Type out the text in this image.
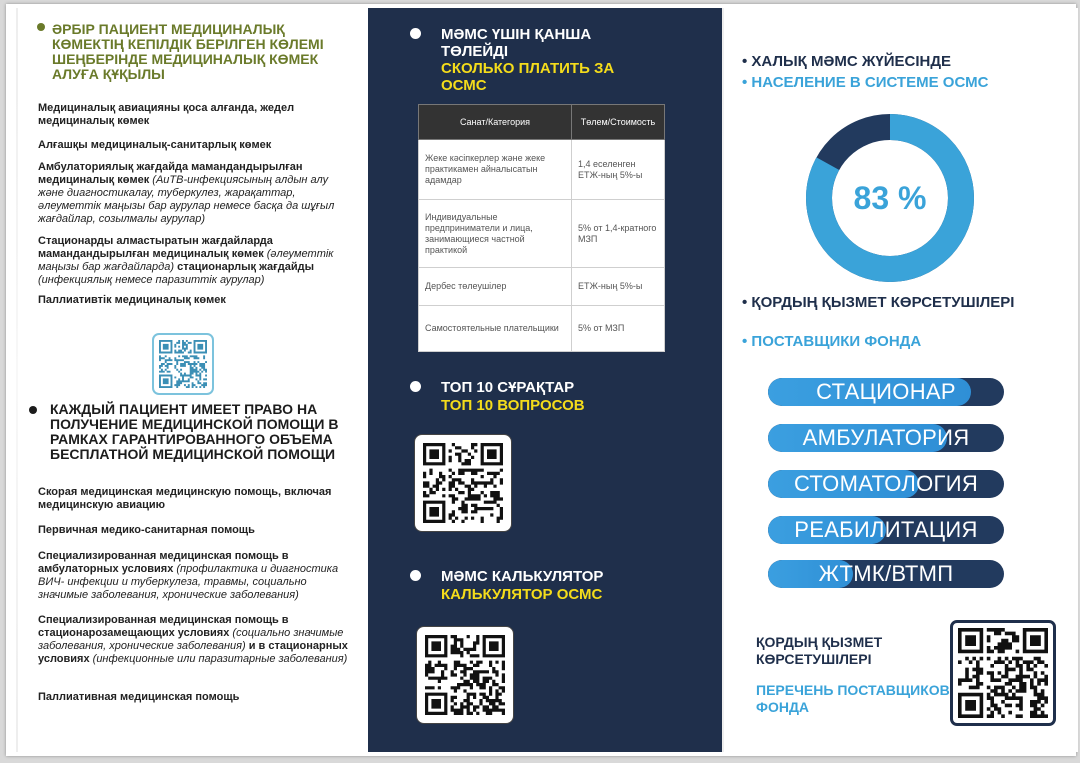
ӘРБІР ПАЦИЕНТ МЕДИЦИНАЛЫҚ КӨМЕКТІҢ КЕПІЛДІК БЕРІЛГЕН КӨЛЕМІ ШЕҢБЕРІНДЕ МЕДИЦИНАЛЫҚ КӨМЕК АЛУҒА ҚҰҚЫЛЫ
Медициналық авиацияны қоса алғанда, жедел медициналық көмек
Алғашқы медициналық-санитарлық көмек
Амбулаториялық жағдайда мамандандырылған медициналық көмек (АиТВ-инфекциясының алдын алу және диагностикалау, туберкулез, жарақаттар, әлеуметтік маңызы бар аурулар немесе басқа да шұғыл жағдайлар, созылмалы аурулар)
Стационарды алмастыратын жағдайларда мамандандырылған медициналық көмек (әлеуметтік маңызы бар жағдайларда) стационарлық жағдайды (инфекциялық немесе паразиттік аурулар)
Паллиативтік медициналық көмек
КАЖДЫЙ ПАЦИЕНТ ИМЕЕТ ПРАВО НА ПОЛУЧЕНИЕ МЕДИЦИНСКОЙ ПОМОЩИ В РАМКАХ ГАРАНТИРОВАННОГО ОБЪЕМА БЕСПЛАТНОЙ МЕДИЦИНСКОЙ ПОМОЩИ
Скорая медицинская медицинскую помощь, включая медицинскую авиацию
Первичная медико-санитарная помощь
Специализированная медицинская помощь в амбулаторных условиях (профилактика и диагностика ВИЧ- инфекции и туберкулеза, травмы, социально значимые заболевания, хронические заболевания)
Специализированная медицинская помощь в стационарозамещающих условиях (социально значимые заболевания, хронические заболевания) и в стационарных условиях (инфекционные или паразитарные заболевания)
Паллиативная медицинская помощь
МӘМС ҮШІН ҚАНША ТӨЛЕЙДІ
СКОЛЬКО ПЛАТИТЬ ЗА ОСМС
Санат/Категория	Төлем/Стоимость
Жеке кәсіпкерлер және жеке практикамен айналысатын адамдар	1,4 еселенген ЕТЖ-ның 5%-ы
Индивидуальные предприниматели и лица, занимающиеся частной практикой	5% от 1,4-кратного МЗП
Дербес төлеушілер	ЕТЖ-ның 5%-ы
Самостоятельные плательщики	5% от МЗП
ТОП 10 СҰРАҚТАР
ТОП 10 ВОПРОСОВ
МӘМС КАЛЬКУЛЯТОР
КАЛЬКУЛЯТОР ОСМС
• ХАЛЫҚ МӘМС ЖҮЙЕСІНДЕ
• НАСЕЛЕНИЕ В СИСТЕМЕ ОСМС
83 %
• ҚОРДЫҢ ҚЫЗМЕТ КӨРСЕТУШІЛЕРІ
• ПОСТАВЩИКИ ФОНДА
СТАЦИОНАР
АМБУЛАТОРИЯ
СТОМАТОЛОГИЯ
РЕАБИЛИТАЦИЯ
ЖТМК/ВТМП
ҚОРДЫҢ ҚЫЗМЕТ КӨРСЕТУШІЛЕРІ
ПЕРЕЧЕНЬ ПОСТАВЩИКОВ ФОНДА
